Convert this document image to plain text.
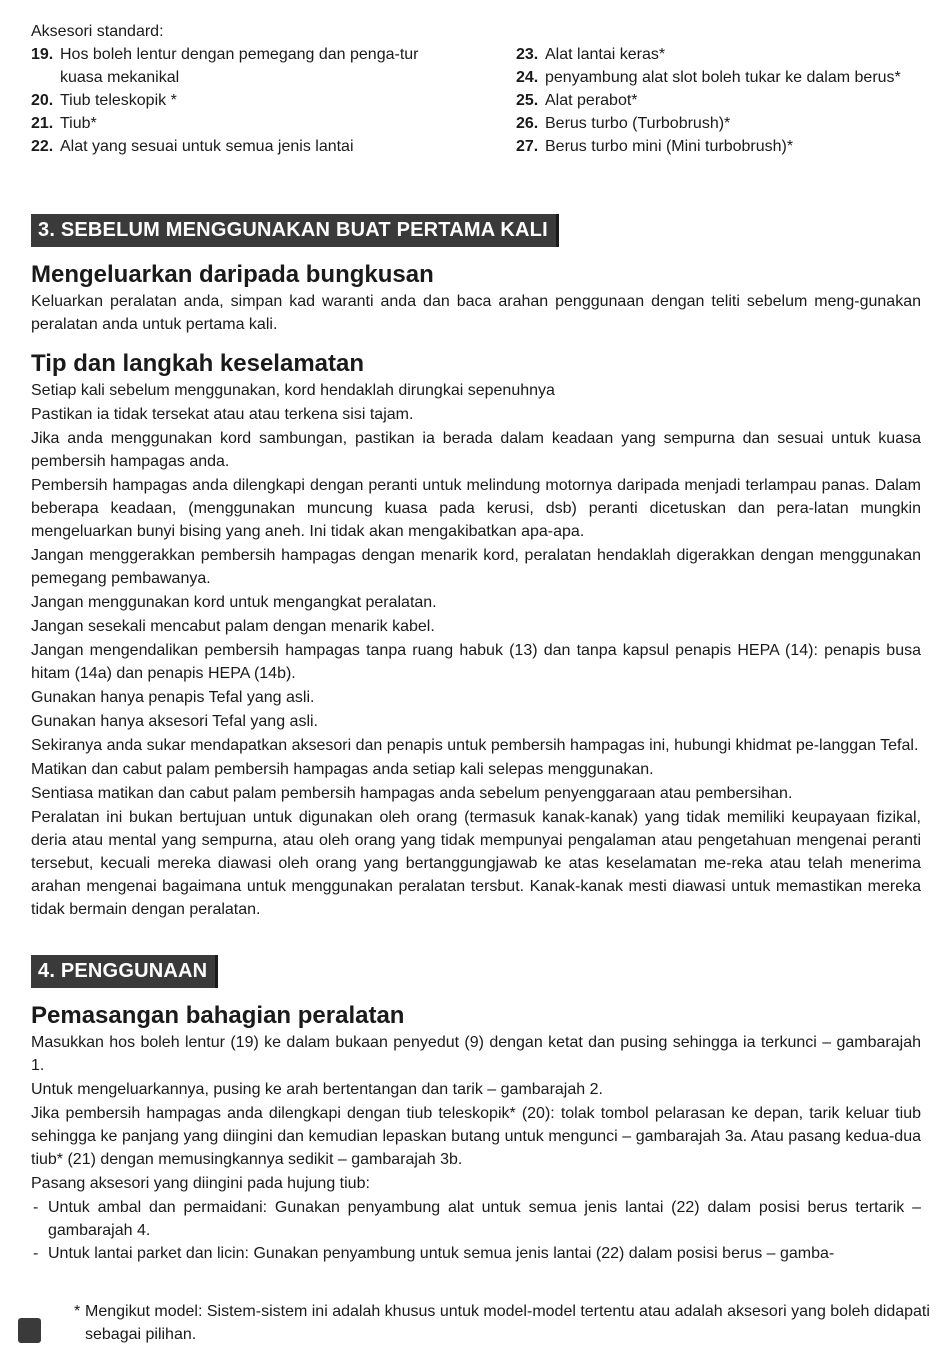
Aksesori standard:
19. Hos boleh lentur dengan pemegang dan penga-tur kuasa mekanikal
20. Tiub teleskopik *
21. Tiub*
22. Alat yang sesuai untuk semua jenis lantai
23. Alat lantai keras*
24. penyambung alat slot boleh tukar ke dalam berus*
25. Alat perabot*
26. Berus turbo (Turbobrush)*
27. Berus turbo mini (Mini turbobrush)*
3. SEBELUM MENGGUNAKAN BUAT PERTAMA KALI
Mengeluarkan daripada bungkusan

Keluarkan peralatan anda, simpan kad waranti anda dan baca arahan penggunaan dengan teliti sebelum meng-gunakan peralatan anda untuk pertama kali.

Tip dan langkah keselamatan

Setiap kali sebelum menggunakan, kord hendaklah dirungkai sepenuhnya

Pastikan ia tidak tersekat atau atau terkena sisi tajam.

Jika anda menggunakan kord sambungan, pastikan ia berada dalam keadaan yang sempurna dan sesuai untuk kuasa pembersih hampagas anda.

Pembersih hampagas anda dilengkapi dengan peranti untuk melindung motornya daripada menjadi terlampau panas. Dalam beberapa keadaan, (menggunakan muncung kuasa pada kerusi, dsb) peranti dicetuskan dan pera-latan mungkin mengeluarkan bunyi bising yang aneh. Ini tidak akan mengakibatkan apa-apa.

Jangan menggerakkan pembersih hampagas dengan menarik kord, peralatan hendaklah digerakkan dengan menggunakan pemegang pembawanya.

Jangan menggunakan kord untuk mengangkat peralatan.

Jangan sesekali mencabut palam dengan menarik kabel.

Jangan mengendalikan pembersih hampagas tanpa ruang habuk (13) dan tanpa kapsul penapis HEPA (14): penapis busa hitam (14a) dan penapis HEPA (14b).

Gunakan hanya penapis Tefal yang asli.

Gunakan hanya aksesori Tefal yang asli.

Sekiranya anda sukar mendapatkan aksesori dan penapis untuk pembersih hampagas ini, hubungi khidmat pe-langgan Tefal.

Matikan dan cabut palam pembersih hampagas anda setiap kali selepas menggunakan.

Sentiasa matikan dan cabut palam pembersih hampagas anda sebelum penyenggaraan atau pembersihan.

Peralatan ini bukan bertujuan untuk digunakan oleh orang (termasuk kanak-kanak) yang tidak memiliki keupayaan fizikal, deria atau mental yang sempurna, atau oleh orang yang tidak mempunyai pengalaman atau pengetahuan mengenai peranti tersebut, kecuali mereka diawasi oleh orang yang bertanggungjawab ke atas keselamatan me-reka atau telah menerima arahan mengenai bagaimana untuk menggunakan peralatan tersbut. Kanak-kanak mesti diawasi untuk memastikan mereka tidak bermain dengan peralatan.

4. PENGGUNAAN
Pemasangan bahagian peralatan

Masukkan hos boleh lentur (19) ke dalam bukaan penyedut (9) dengan ketat dan pusing sehingga ia terkunci – gambarajah 1.

Untuk mengeluarkannya, pusing ke arah bertentangan dan tarik – gambarajah 2.

Jika pembersih hampagas anda dilengkapi dengan tiub teleskopik* (20): tolak tombol pelarasan ke depan, tarik keluar tiub sehingga ke panjang yang diingini dan kemudian lepaskan butang untuk mengunci – gambarajah 3a. Atau pasang kedua-dua tiub* (21) dengan memusingkannya sedikit – gambarajah 3b.

Pasang aksesori yang diingini pada hujung tiub:

- Untuk ambal dan permaidani: Gunakan penyambung alat untuk semua jenis lantai (22) dalam posisi berus tertarik – gambarajah 4.
- Untuk lantai parket dan licin: Gunakan penyambung untuk semua jenis lantai (22) dalam posisi berus – gamba-
* Mengikut model: Sistem-sistem ini adalah khusus untuk model-model tertentu atau adalah aksesori yang boleh didapati sebagai pilihan.
